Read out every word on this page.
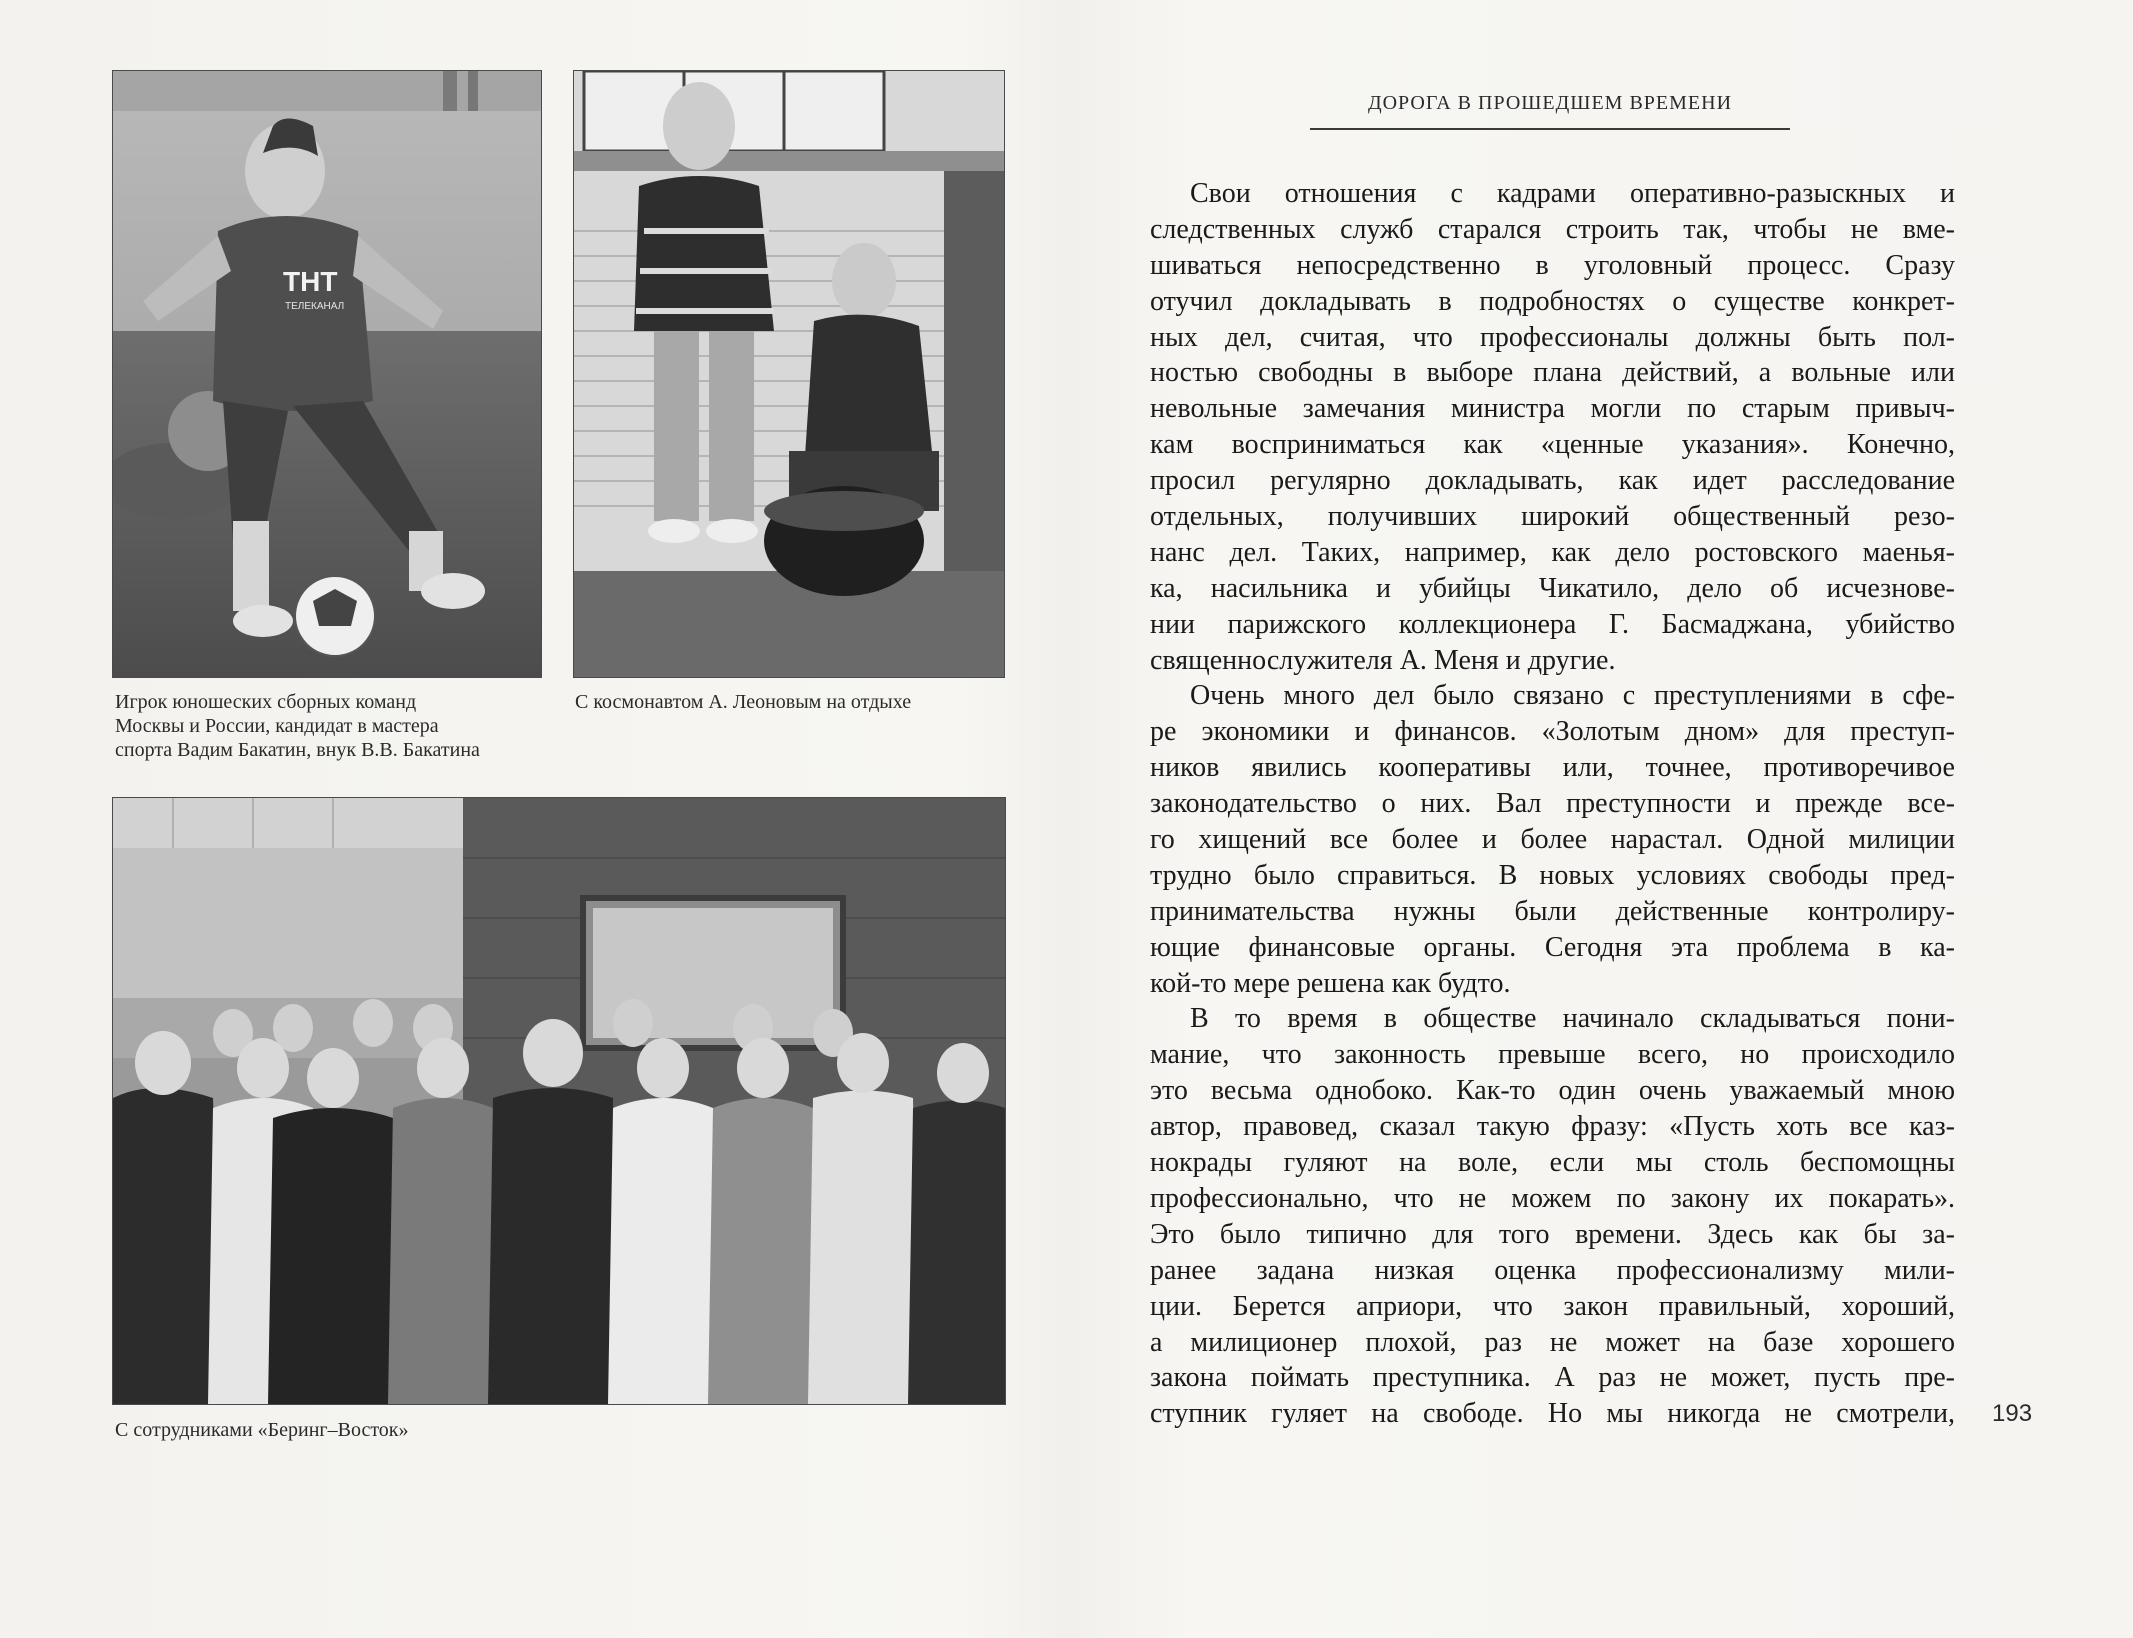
ТНТ
ТЕЛЕКАНАЛ
Игрок юношеских сборных команд
Москвы и России, кандидат в мастера
спорта Вадим Бакатин, внук В.В. Бакатина
С космонавтом А. Леоновым на отдыхе
С сотрудниками «Беринг–Восток»
ДОРОГА В ПРОШЕДШЕМ ВРЕМЕНИ
Свои отношения с кадрами оперативно-разыскных и
следственных служб старался строить так, чтобы не вме-
шиваться непосредственно в уголовный процесс. Сразу
отучил докладывать в подробностях о существе конкрет-
ных дел, считая, что профессионалы должны быть пол-
ностью свободны в выборе плана действий, а вольные или
невольные замечания министра могли по старым привыч-
кам восприниматься как «ценные указания». Конечно,
просил регулярно докладывать, как идет расследование
отдельных, получивших широкий общественный резо-
нанс дел. Таких, например, как дело ростовского маенья-
ка, насильника и убийцы Чикатило, дело об исчезнове-
нии парижского коллекционера Г. Басмаджана, убийство
священнослужителя А. Меня и другие.
Очень много дел было связано с преступлениями в сфе-
ре экономики и финансов. «Золотым дном» для преступ-
ников явились кооперативы или, точнее, противоречивое
законодательство о них. Вал преступности и прежде все-
го хищений все более и более нарастал. Одной милиции
трудно было справиться. В новых условиях свободы пред-
принимательства нужны были действенные контролиру-
ющие финансовые органы. Сегодня эта проблема в ка-
кой-то мере решена как будто.
В то время в обществе начинало складываться пони-
мание, что законность превыше всего, но происходило
это весьма однобоко. Как-то один очень уважаемый мною
автор, правовед, сказал такую фразу: «Пусть хоть все каз-
нокрады гуляют на воле, если мы столь беспомощны
профессионально, что не можем по закону их покарать».
Это было типично для того времени. Здесь как бы за-
ранее задана низкая оценка профессионализму мили-
ции. Берется априори, что закон правильный, хороший,
а милиционер плохой, раз не может на базе хорошего
закона поймать преступника. А раз не может, пусть пре-
ступник гуляет на свободе. Но мы никогда не смотрели, 193
